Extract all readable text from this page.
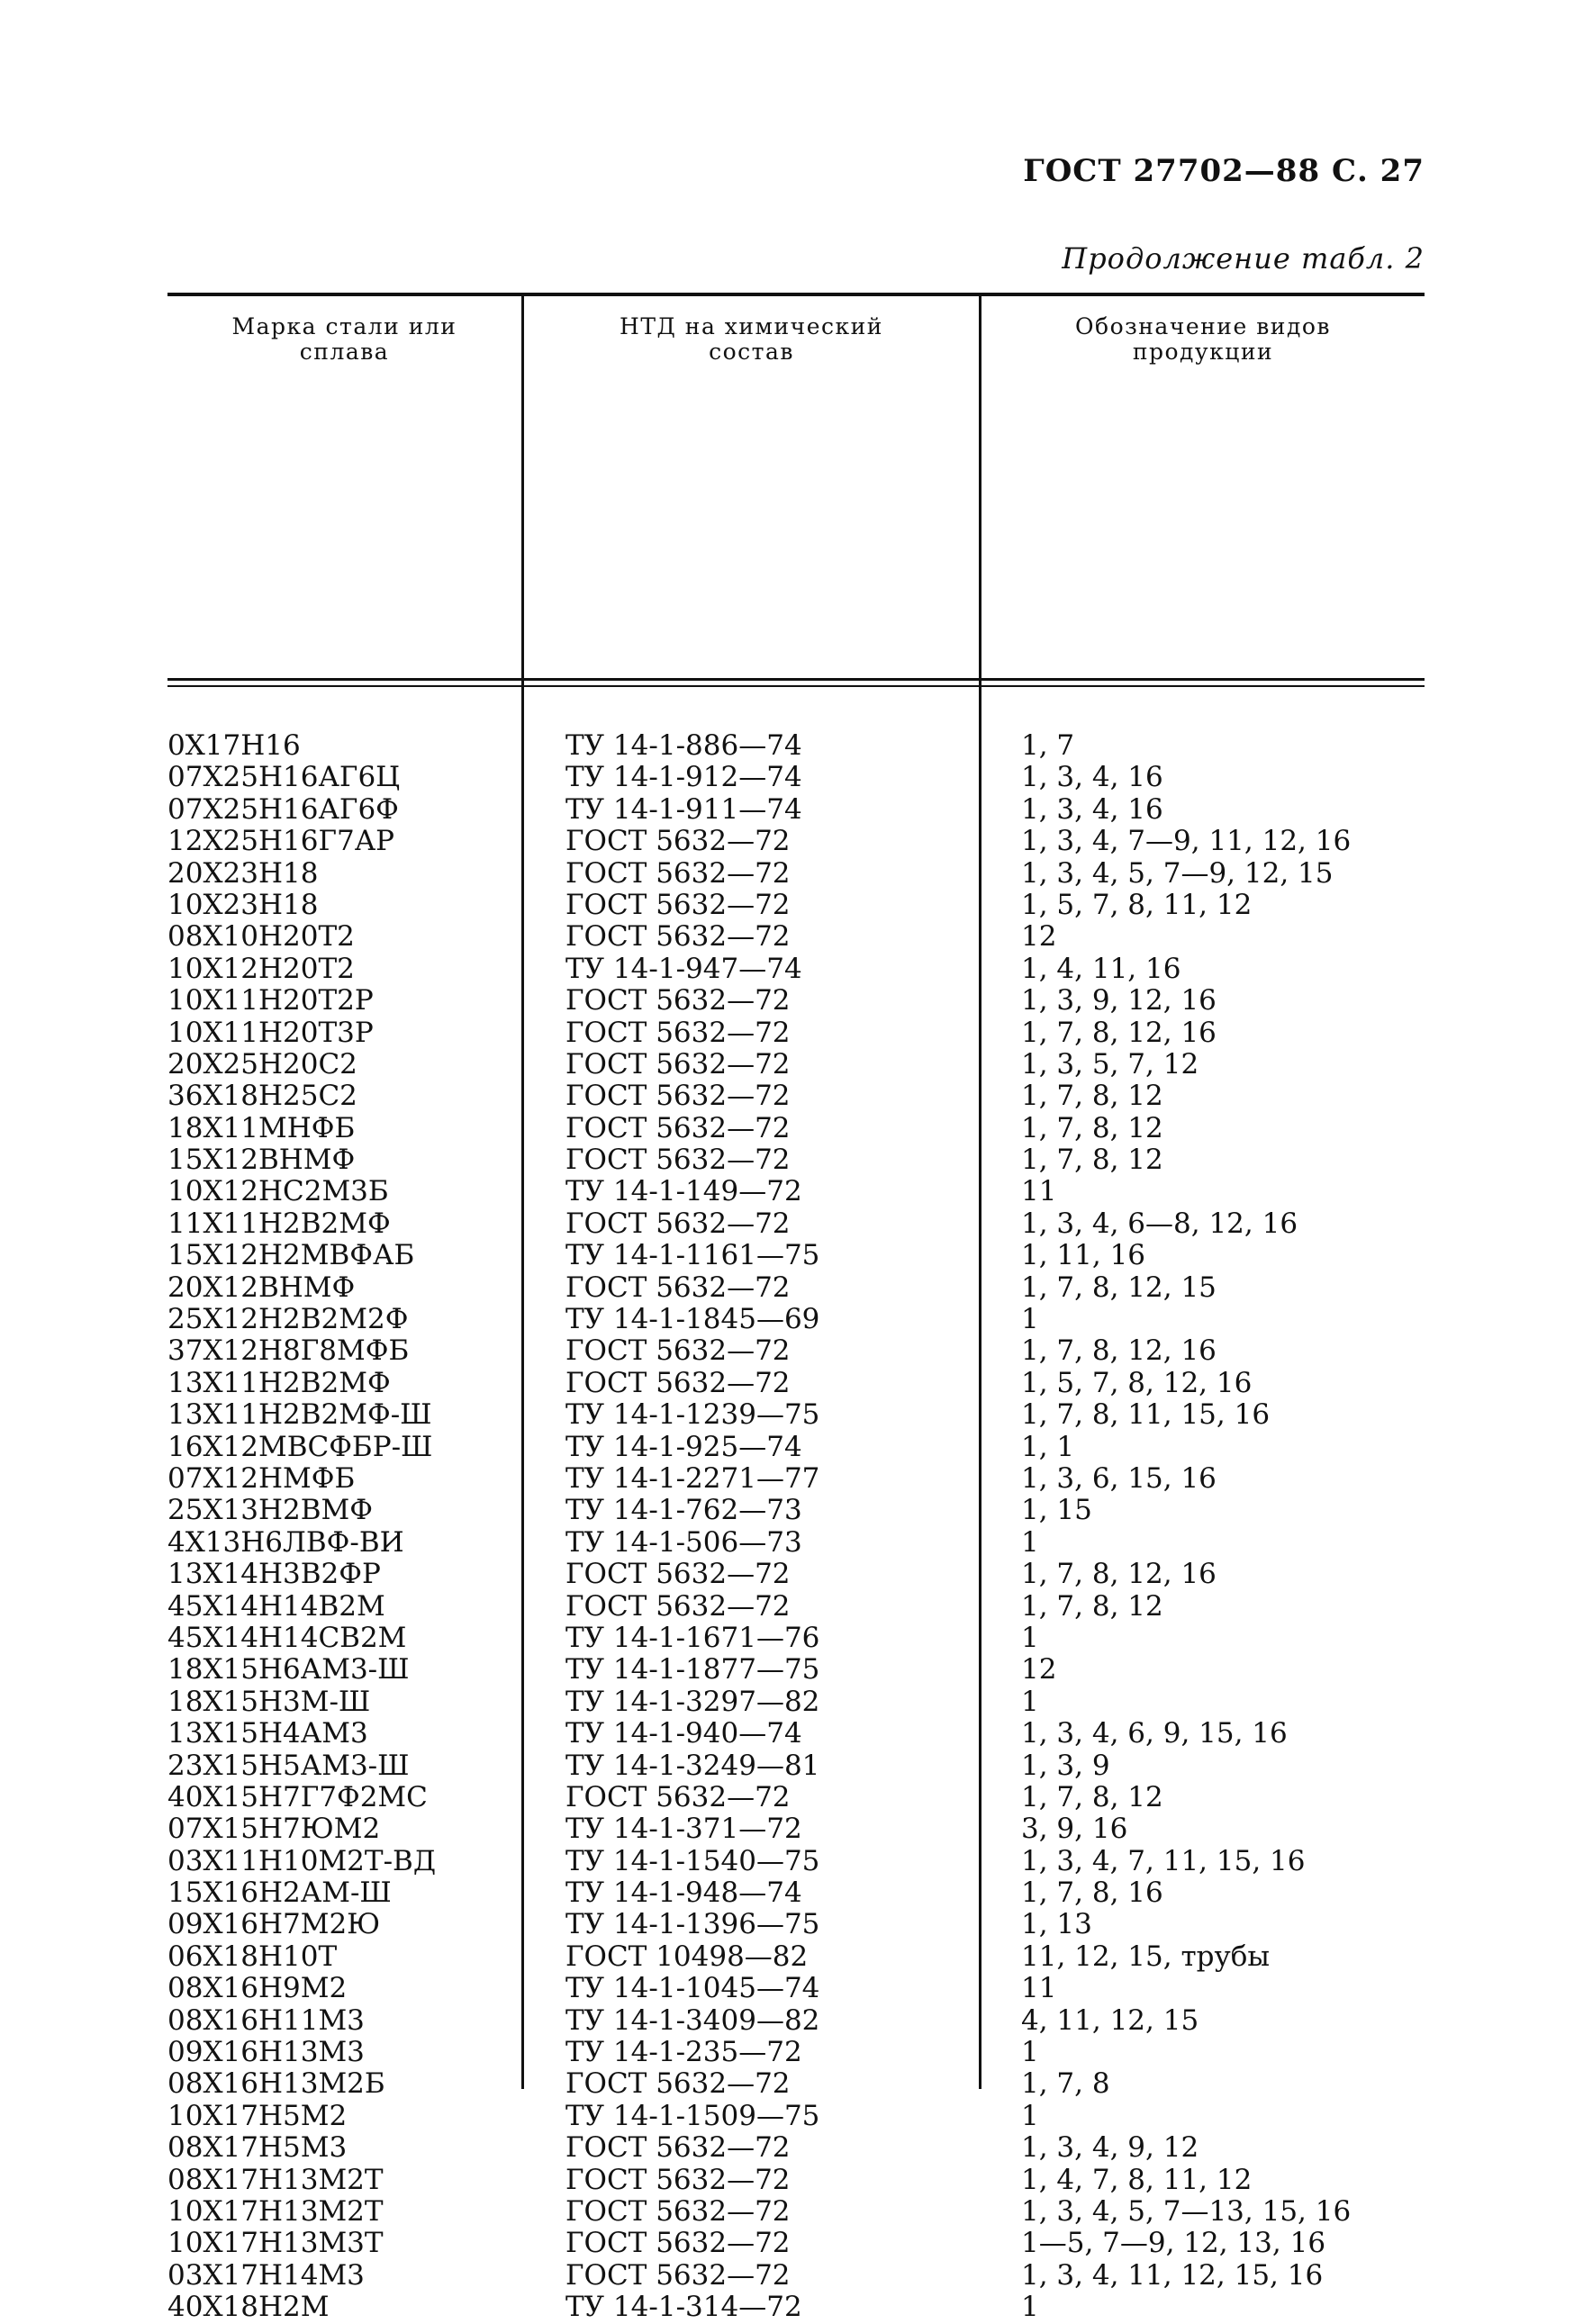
ГОСТ 27702—88 С. 27
Продолжение табл. 2
Марка стали или
сплава
НТД на химический
состав
Обозначение видов
продукции
0Х17Н16	ТУ 14-1-886—74	1, 7
07Х25Н16АГ6Ц	ТУ 14-1-912—74	1, 3, 4, 16
07Х25Н16АГ6Ф	ТУ 14-1-911—74	1, 3, 4, 16
12Х25Н16Г7АР	ГОСТ 5632—72	1, 3, 4, 7—9, 11, 12, 16
20Х23Н18	ГОСТ 5632—72	1, 3, 4, 5, 7—9, 12, 15
10Х23Н18	ГОСТ 5632—72	1, 5, 7, 8, 11, 12
08Х10Н20Т2	ГОСТ 5632—72	12
10Х12Н20Т2	ТУ 14-1-947—74	1, 4, 11, 16
10Х11Н20Т2Р	ГОСТ 5632—72	1, 3, 9, 12, 16
10Х11Н20Т3Р	ГОСТ 5632—72	1, 7, 8, 12, 16
20Х25Н20С2	ГОСТ 5632—72	1, 3, 5, 7, 12
36Х18Н25С2	ГОСТ 5632—72	1, 7, 8, 12
18Х11МНФБ	ГОСТ 5632—72	1, 7, 8, 12
15Х12ВНМФ	ГОСТ 5632—72	1, 7, 8, 12
10Х12НС2М3Б	ТУ 14-1-149—72	11
11Х11Н2В2МФ	ГОСТ 5632—72	1, 3, 4, 6—8, 12, 16
15Х12Н2МВФАБ	ТУ 14-1-1161—75	1, 11, 16
20Х12ВНМФ	ГОСТ 5632—72	1, 7, 8, 12, 15
25Х12Н2В2М2Ф	ТУ 14-1-1845—69	1
37Х12Н8Г8МФБ	ГОСТ 5632—72	1, 7, 8, 12, 16
13Х11Н2В2МФ	ГОСТ 5632—72	1, 5, 7, 8, 12, 16
13Х11Н2В2МФ-Ш	ТУ 14-1-1239—75	1, 7, 8, 11, 15, 16
16Х12МВСФБР-Ш	ТУ 14-1-925—74	1, 1
07Х12НМФБ	ТУ 14-1-2271—77	1, 3, 6, 15, 16
25Х13Н2ВМФ	ТУ 14-1-762—73	1, 15
4Х13Н6ЛВФ-ВИ	ТУ 14-1-506—73	1
13Х14Н3В2ФР	ГОСТ 5632—72	1, 7, 8, 12, 16
45Х14Н14В2М	ГОСТ 5632—72	1, 7, 8, 12
45Х14Н14СВ2М	ТУ 14-1-1671—76	1
18Х15Н6АМ3-Ш	ТУ 14-1-1877—75	12
18Х15Н3М-Ш	ТУ 14-1-3297—82	1
13Х15Н4АМ3	ТУ 14-1-940—74	1, 3, 4, 6, 9, 15, 16
23Х15Н5АМ3-Ш	ТУ 14-1-3249—81	1, 3, 9
40Х15Н7Г7Ф2МС	ГОСТ 5632—72	1, 7, 8, 12
07Х15Н7ЮМ2	ТУ 14-1-371—72	3, 9, 16
03Х11Н10М2Т-ВД	ТУ 14-1-1540—75	1, 3, 4, 7, 11, 15, 16
15Х16Н2АМ-Ш	ТУ 14-1-948—74	1, 7, 8, 16
09Х16Н7М2Ю	ТУ 14-1-1396—75	1, 13
06Х18Н10Т	ГОСТ 10498—82	11, 12, 15, трубы
08Х16Н9М2	ТУ 14-1-1045—74	11
08Х16Н11М3	ТУ 14-1-3409—82	4, 11, 12, 15
09Х16Н13М3	ТУ 14-1-235—72	1
08Х16Н13М2Б	ГОСТ 5632—72	1, 7, 8
10Х17Н5М2	ТУ 14-1-1509—75	1
08Х17Н5М3	ГОСТ 5632—72	1, 3, 4, 9, 12
08Х17Н13М2Т	ГОСТ 5632—72	1, 4, 7, 8, 11, 12
10Х17Н13М2Т	ГОСТ 5632—72	1, 3, 4, 5, 7—13, 15, 16
10Х17Н13М3Т	ГОСТ 5632—72	1—5, 7—9, 12, 13, 16
03Х17Н14М3	ГОСТ 5632—72	1, 3, 4, 11, 12, 15, 16
40Х18Н2М	ТУ 14-1-314—72	1
